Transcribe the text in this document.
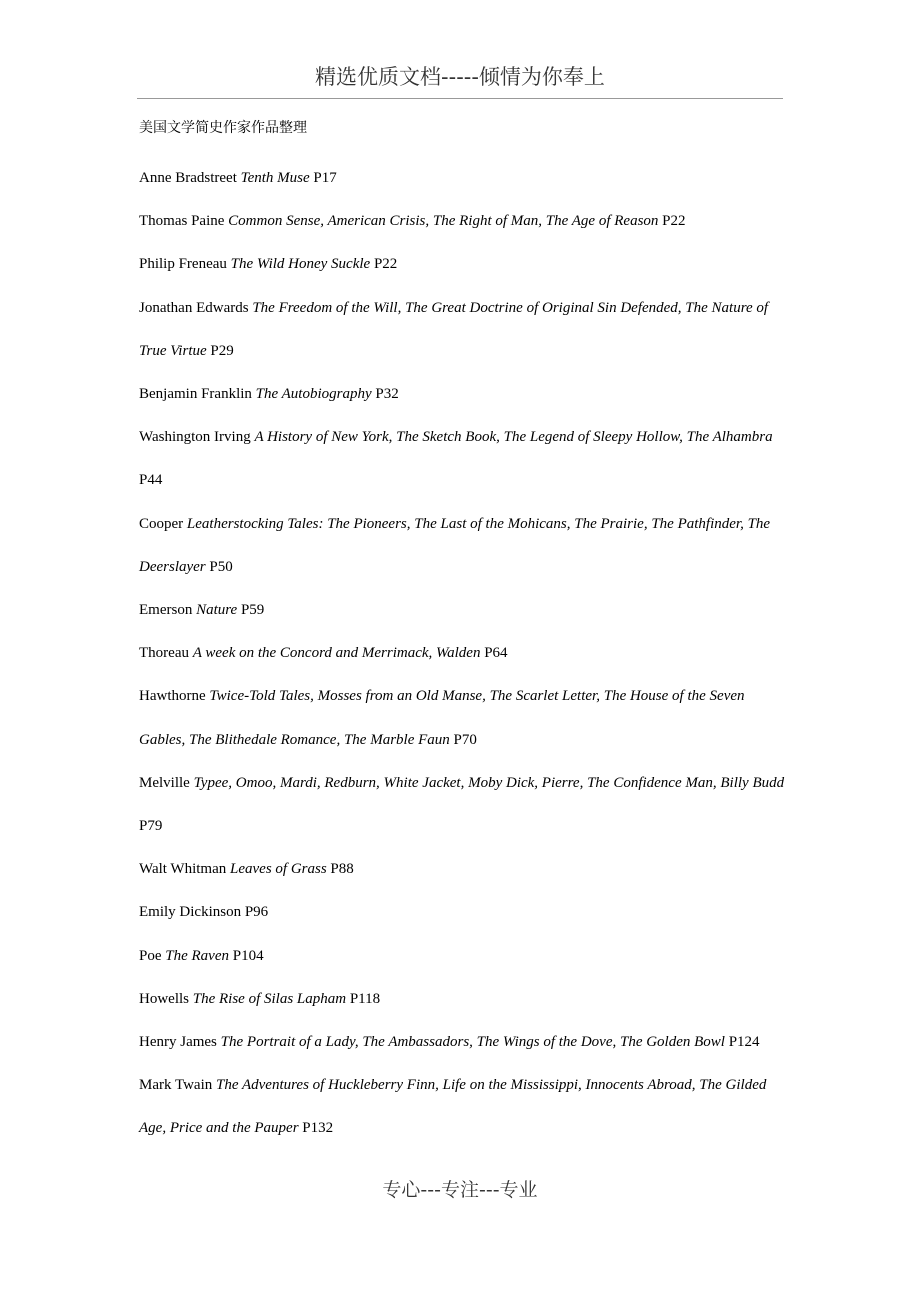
精选优质文档-----倾情为你奉上
美国文学简史作家作品整理
Anne Bradstreet Tenth Muse P17
Thomas Paine Common Sense, American Crisis, The Right of Man, The Age of Reason P22
Philip Freneau The Wild Honey Suckle P22
Jonathan Edwards The Freedom of the Will, The Great Doctrine of Original Sin Defended, The Nature of True Virtue P29
Benjamin Franklin The Autobiography P32
Washington Irving A History of New York, The Sketch Book, The Legend of Sleepy Hollow, The Alhambra P44
Cooper Leatherstocking Tales: The Pioneers, The Last of the Mohicans, The Prairie, The Pathfinder, The Deerslayer P50
Emerson Nature P59
Thoreau A week on the Concord and Merrimack, Walden P64
Hawthorne Twice-Told Tales, Mosses from an Old Manse, The Scarlet Letter, The House of the Seven Gables, The Blithedale Romance, The Marble Faun P70
Melville Typee, Omoo, Mardi, Redburn, White Jacket, Moby Dick, Pierre, The Confidence Man, Billy Budd P79
Walt Whitman Leaves of Grass P88
Emily Dickinson P96
Poe The Raven P104
Howells The Rise of Silas Lapham P118
Henry James The Portrait of a Lady, The Ambassadors, The Wings of the Dove, The Golden Bowl P124
Mark Twain The Adventures of Huckleberry Finn, Life on the Mississippi, Innocents Abroad, The Gilded Age, Price and the Pauper P132
专心---专注---专业
